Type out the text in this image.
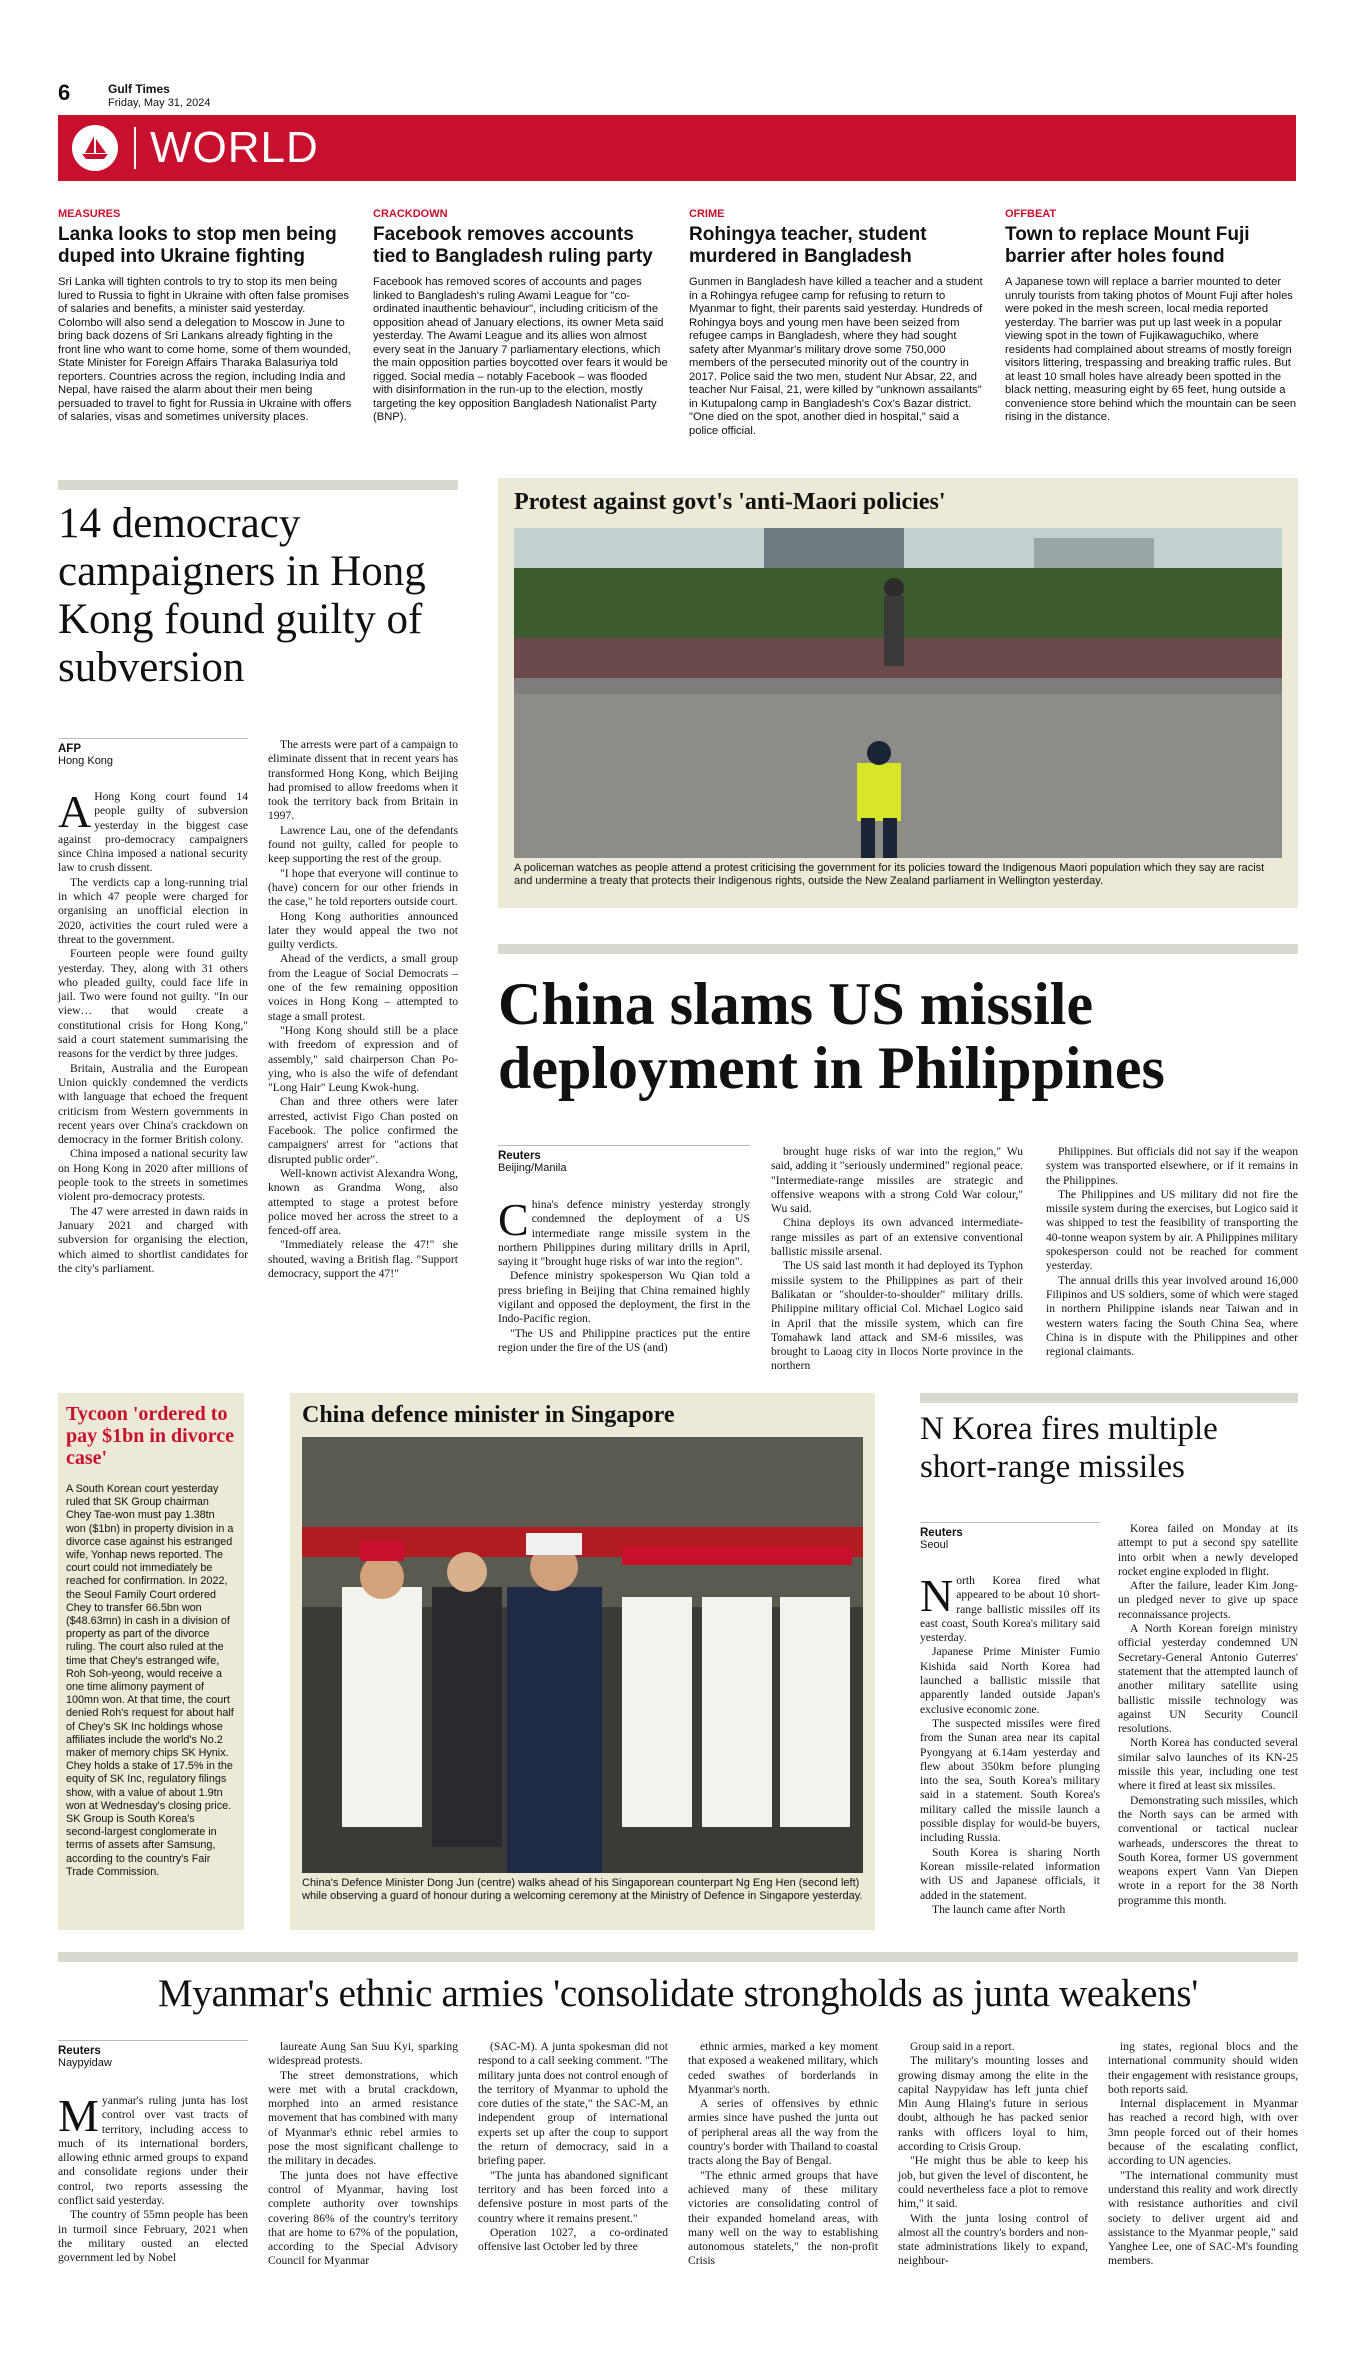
6	Gulf Times
Friday, May 31, 2024
WORLD
MEASURES
Lanka looks to stop men being duped into Ukraine fighting

Sri Lanka will tighten controls to try to stop its men being lured to Russia to fight in Ukraine with often false promises of salaries and benefits, a minister said yesterday. Colombo will also send a delegation to Moscow in June to bring back dozens of Sri Lankans already fighting in the front line who want to come home, some of them wounded, State Minister for Foreign Affairs Tharaka Balasuriya told reporters. Countries across the region, including India and Nepal, have raised the alarm about their men being persuaded to travel to fight for Russia in Ukraine with offers of salaries, visas and sometimes university places.

CRACKDOWN
Facebook removes accounts tied to Bangladesh ruling party

Facebook has removed scores of accounts and pages linked to Bangladesh's ruling Awami League for "co-ordinated inauthentic behaviour", including criticism of the opposition ahead of January elections, its owner Meta said yesterday. The Awami League and its allies won almost every seat in the January 7 parliamentary elections, which the main opposition parties boycotted over fears it would be rigged. Social media – notably Facebook – was flooded with disinformation in the run-up to the election, mostly targeting the key opposition Bangladesh Nationalist Party (BNP).

CRIME
Rohingya teacher, student murdered in Bangladesh

Gunmen in Bangladesh have killed a teacher and a student in a Rohingya refugee camp for refusing to return to Myanmar to fight, their parents said yesterday. Hundreds of Rohingya boys and young men have been seized from refugee camps in Bangladesh, where they had sought safety after Myanmar's military drove some 750,000 members of the persecuted minority out of the country in 2017. Police said the two men, student Nur Absar, 22, and teacher Nur Faisal, 21, were killed by "unknown assailants" in Kutupalong camp in Bangladesh's Cox's Bazar district. "One died on the spot, another died in hospital," said a police official.

OFFBEAT
Town to replace Mount Fuji barrier after holes found

A Japanese town will replace a barrier mounted to deter unruly tourists from taking photos of Mount Fuji after holes were poked in the mesh screen, local media reported yesterday. The barrier was put up last week in a popular viewing spot in the town of Fujikawaguchiko, where residents had complained about streams of mostly foreign visitors littering, trespassing and breaking traffic rules. But at least 10 small holes have already been spotted in the black netting, measuring eight by 65 feet, hung outside a convenience store behind which the mountain can be seen rising in the distance.

14 democracy campaigners in Hong Kong found guilty of subversion
AFP
Hong Kong

A Hong Kong court found 14 people guilty of subversion yesterday in the biggest case against pro-democracy campaigners since China imposed a national security law to crush dissent.

The verdicts cap a long-running trial in which 47 people were charged for organising an unofficial election in 2020, activities the court ruled were a threat to the government.

Fourteen people were found guilty yesterday. They, along with 31 others who pleaded guilty, could face life in jail. Two were found not guilty. "In our view… that would create a constitutional crisis for Hong Kong," said a court statement summarising the reasons for the verdict by three judges.

Britain, Australia and the European Union quickly condemned the verdicts with language that echoed the frequent criticism from Western governments in recent years over China's crackdown on democracy in the former British colony.

China imposed a national security law on Hong Kong in 2020 after millions of people took to the streets in sometimes violent pro-democracy protests.

The 47 were arrested in dawn raids in January 2021 and charged with subversion for organising the election, which aimed to shortlist candidates for the city's parliament.

The arrests were part of a campaign to eliminate dissent that in recent years has transformed Hong Kong, which Beijing had promised to allow freedoms when it took the territory back from Britain in 1997.

Lawrence Lau, one of the defendants found not guilty, called for people to keep supporting the rest of the group.

"I hope that everyone will continue to (have) concern for our other friends in the case," he told reporters outside court.

Hong Kong authorities announced later they would appeal the two not guilty verdicts.

Ahead of the verdicts, a small group from the League of Social Democrats – one of the few remaining opposition voices in Hong Kong – attempted to stage a small protest.

"Hong Kong should still be a place with freedom of expression and of assembly," said chairperson Chan Po-ying, who is also the wife of defendant "Long Hair" Leung Kwok-hung.

Chan and three others were later arrested, activist Figo Chan posted on Facebook. The police confirmed the campaigners' arrest for "actions that disrupted public order".

Well-known activist Alexandra Wong, known as Grandma Wong, also attempted to stage a protest before police moved her across the street to a fenced-off area.

"Immediately release the 47!" she shouted, waving a British flag. "Support democracy, support the 47!"

Protest against govt's 'anti-Maori policies'
A policeman watches as people attend a protest criticising the government for its policies toward the Indigenous Maori population which they say are racist and undermine a treaty that protects their Indigenous rights, outside the New Zealand parliament in Wellington yesterday.
China slams US missile deployment in Philippines
Reuters
Beijing/Manila

China's defence ministry yesterday strongly condemned the deployment of a US intermediate range missile system in the northern Philippines during military drills in April, saying it "brought huge risks of war into the region".

Defence ministry spokesperson Wu Qian told a press briefing in Beijing that China remained highly vigilant and opposed the deployment, the first in the Indo-Pacific region.

"The US and Philippine practices put the entire region under the fire of the US (and)

brought huge risks of war into the region," Wu said, adding it "seriously undermined" regional peace. "Intermediate-range missiles are strategic and offensive weapons with a strong Cold War colour," Wu said.

China deploys its own advanced intermediate-range missiles as part of an extensive conventional ballistic missile arsenal.

The US said last month it had deployed its Typhon missile system to the Philippines as part of their Balikatan or "shoulder-to-shoulder" military drills. Philippine military official Col. Michael Logico said in April that the missile system, which can fire Tomahawk land attack and SM-6 missiles, was brought to Laoag city in Ilocos Norte province in the northern

Philippines. But officials did not say if the weapon system was transported elsewhere, or if it remains in the Philippines.

The Philippines and US military did not fire the missile system during the exercises, but Logico said it was shipped to test the feasibility of transporting the 40-tonne weapon system by air. A Philippines military spokesperson could not be reached for comment yesterday.

The annual drills this year involved around 16,000 Filipinos and US soldiers, some of which were staged in northern Philippine islands near Taiwan and in western waters facing the South China Sea, where China is in dispute with the Philippines and other regional claimants.

Tycoon 'ordered to pay $1bn in divorce case'

A South Korean court yesterday ruled that SK Group chairman Chey Tae-won must pay 1.38tn won ($1bn) in property division in a divorce case against his estranged wife, Yonhap news reported. The court could not immediately be reached for confirmation. In 2022, the Seoul Family Court ordered Chey to transfer 66.5bn won ($48.63mn) in cash in a division of property as part of the divorce ruling. The court also ruled at the time that Chey's estranged wife, Roh Soh-yeong, would receive a one time alimony payment of 100mn won. At that time, the court denied Roh's request for about half of Chey's SK Inc holdings whose affiliates include the world's No.2 maker of memory chips SK Hynix. Chey holds a stake of 17.5% in the equity of SK Inc, regulatory filings show, with a value of about 1.9tn won at Wednesday's closing price. SK Group is South Korea's second-largest conglomerate in terms of assets after Samsung, according to the country's Fair Trade Commission.

China defence minister in Singapore
China's Defence Minister Dong Jun (centre) walks ahead of his Singaporean counterpart Ng Eng Hen (second left) while observing a guard of honour during a welcoming ceremony at the Ministry of Defence in Singapore yesterday.
N Korea fires multiple short-range missiles
Reuters
Seoul

North Korea fired what appeared to be about 10 short-range ballistic missiles off its east coast, South Korea's military said yesterday.

Japanese Prime Minister Fumio Kishida said North Korea had launched a ballistic missile that apparently landed outside Japan's exclusive economic zone.

The suspected missiles were fired from the Sunan area near its capital Pyongyang at 6.14am yesterday and flew about 350km before plunging into the sea, South Korea's military said in a statement. South Korea's military called the missile launch a possible display for would-be buyers, including Russia.

South Korea is sharing North Korean missile-related information with US and Japanese officials, it added in the statement.

The launch came after North

Korea failed on Monday at its attempt to put a second spy satellite into orbit when a newly developed rocket engine exploded in flight.

After the failure, leader Kim Jong-un pledged never to give up space reconnaissance projects.

A North Korean foreign ministry official yesterday condemned UN Secretary-General Antonio Guterres' statement that the attempted launch of another military satellite using ballistic missile technology was against UN Security Council resolutions.

North Korea has conducted several similar salvo launches of its KN-25 missile this year, including one test where it fired at least six missiles.

Demonstrating such missiles, which the North says can be armed with conventional or tactical nuclear warheads, underscores the threat to South Korea, former US government weapons expert Vann Van Diepen wrote in a report for the 38 North programme this month.

Myanmar's ethnic armies 'consolidate strongholds as junta weakens'
Reuters
Naypyidaw

Myanmar's ruling junta has lost control over vast tracts of territory, including access to much of its international borders, allowing ethnic armed groups to expand and consolidate regions under their control, two reports assessing the conflict said yesterday.

The country of 55mn people has been in turmoil since February, 2021 when the military ousted an elected government led by Nobel

laureate Aung San Suu Kyi, sparking widespread protests.

The street demonstrations, which were met with a brutal crackdown, morphed into an armed resistance movement that has combined with many of Myanmar's ethnic rebel armies to pose the most significant challenge to the military in decades.

The junta does not have effective control of Myanmar, having lost complete authority over townships covering 86% of the country's territory that are home to 67% of the population, according to the Special Advisory Council for Myanmar

(SAC-M). A junta spokesman did not respond to a call seeking comment. "The military junta does not control enough of the territory of Myanmar to uphold the core duties of the state," the SAC-M, an independent group of international experts set up after the coup to support the return of democracy, said in a briefing paper.

"The junta has abandoned significant territory and has been forced into a defensive posture in most parts of the country where it remains present."

Operation 1027, a co-ordinated offensive last October led by three

ethnic armies, marked a key moment that exposed a weakened military, which ceded swathes of borderlands in Myanmar's north.

A series of offensives by ethnic armies since have pushed the junta out of peripheral areas all the way from the country's border with Thailand to coastal tracts along the Bay of Bengal.

"The ethnic armed groups that have achieved many of these military victories are consolidating control of their expanded homeland areas, with many well on the way to establishing autonomous statelets," the non-profit Crisis

Group said in a report.

The military's mounting losses and growing dismay among the elite in the capital Naypyidaw has left junta chief Min Aung Hlaing's future in serious doubt, although he has packed senior ranks with officers loyal to him, according to Crisis Group.

"He might thus be able to keep his job, but given the level of discontent, he could nevertheless face a plot to remove him," it said.

With the junta losing control of almost all the country's borders and non-state administrations likely to expand, neighbour-

ing states, regional blocs and the international community should widen their engagement with resistance groups, both reports said.

Internal displacement in Myanmar has reached a record high, with over 3mn people forced out of their homes because of the escalating conflict, according to UN agencies.

"The international community must understand this reality and work directly with resistance authorities and civil society to deliver urgent aid and assistance to the Myanmar people," said Yanghee Lee, one of SAC-M's founding members.
